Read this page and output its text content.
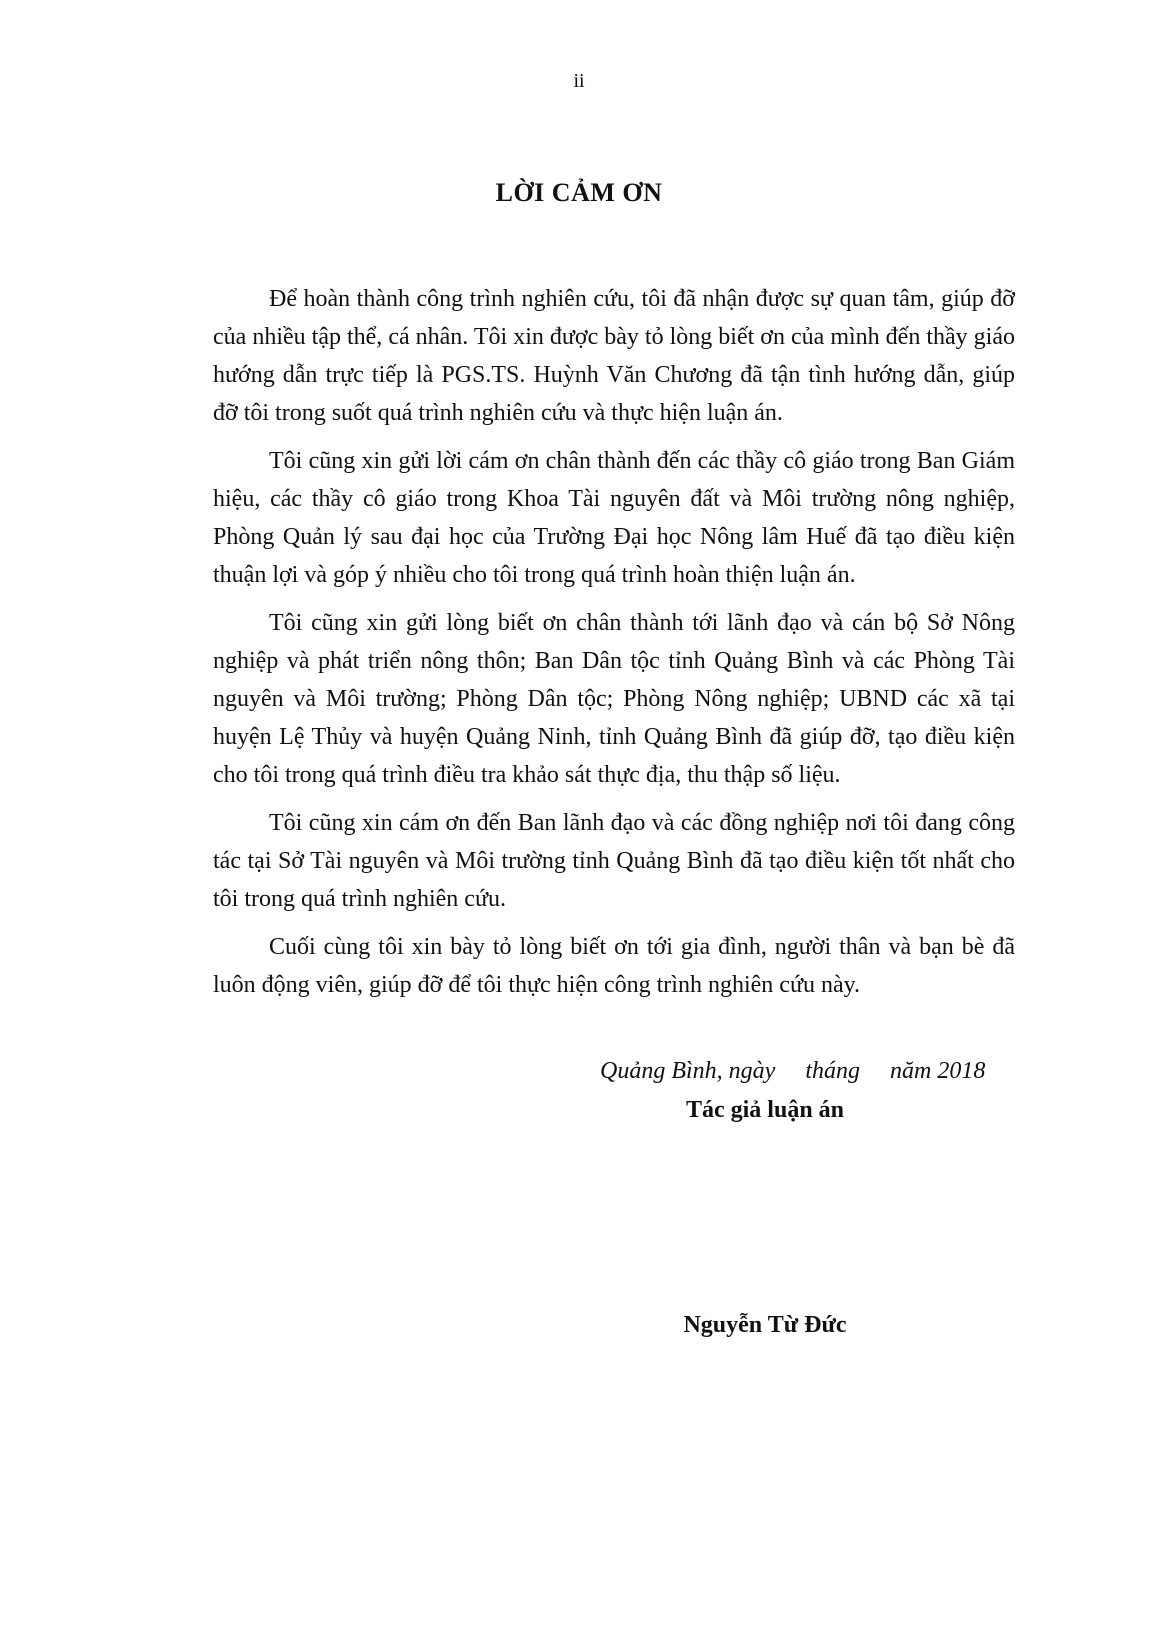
ii
LỜI CẢM ƠN

Để hoàn thành công trình nghiên cứu, tôi đã nhận được sự quan tâm, giúp đỡ của nhiều tập thể, cá nhân. Tôi xin được bày tỏ lòng biết ơn của mình đến thầy giáo hướng dẫn trực tiếp là PGS.TS. Huỳnh Văn Chương đã tận tình hướng dẫn, giúp đỡ tôi trong suốt quá trình nghiên cứu và thực hiện luận án.

Tôi cũng xin gửi lời cám ơn chân thành đến các thầy cô giáo trong Ban Giám hiệu, các thầy cô giáo trong Khoa Tài nguyên đất và Môi trường nông nghiệp, Phòng Quản lý sau đại học của Trường Đại học Nông lâm Huế đã tạo điều kiện thuận lợi và góp ý nhiều cho tôi trong quá trình hoàn thiện luận án.

Tôi cũng xin gửi lòng biết ơn chân thành tới lãnh đạo và cán bộ Sở Nông nghiệp và phát triển nông thôn; Ban Dân tộc tỉnh Quảng Bình và các Phòng Tài nguyên và Môi trường; Phòng Dân tộc; Phòng Nông nghiệp; UBND các xã tại huyện Lệ Thủy và huyện Quảng Ninh, tỉnh Quảng Bình đã giúp đỡ, tạo điều kiện cho tôi trong quá trình điều tra khảo sát thực địa, thu thập số liệu.

Tôi cũng xin cám ơn đến Ban lãnh đạo và các đồng nghiệp nơi tôi đang công tác tại Sở Tài nguyên và Môi trường tỉnh Quảng Bình đã tạo điều kiện tốt nhất cho tôi trong quá trình nghiên cứu.

Cuối cùng tôi xin bày tỏ lòng biết ơn tới gia đình, người thân và bạn bè đã luôn động viên, giúp đỡ để tôi thực hiện công trình nghiên cứu này.

Quảng Bình, ngày     tháng     năm 2018
Tác giả luận án
Nguyễn Từ Đức
